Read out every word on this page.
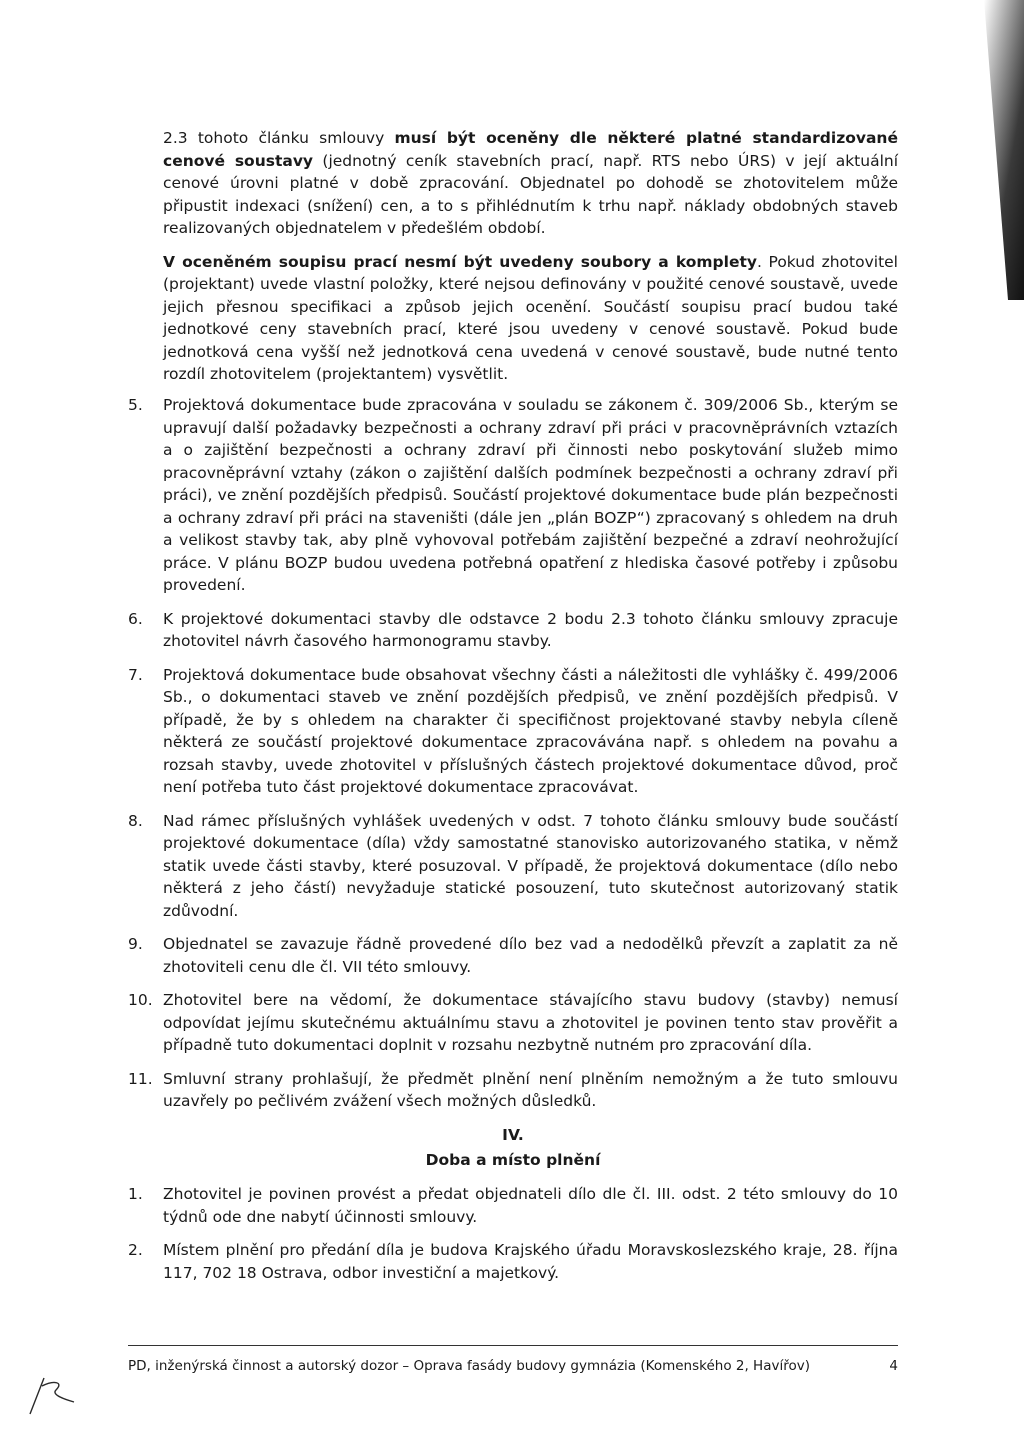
2.3 tohoto článku smlouvy musí být oceněny dle některé platné standardizované cenové soustavy (jednotný ceník stavebních prací, např. RTS nebo ÚRS) v její aktuální cenové úrovni platné v době zpracování. Objednatel po dohodě se zhotovitelem může připustit indexaci (snížení) cen, a to s přihlédnutím k trhu např. náklady obdobných staveb realizovaných objednatelem v předešlém období.

V oceněném soupisu prací nesmí být uvedeny soubory a komplety. Pokud zhotovitel (projektant) uvede vlastní položky, které nejsou definovány v použité cenové soustavě, uvede jejich přesnou specifikaci a způsob jejich ocenění. Součástí soupisu prací budou také jednotkové ceny stavebních prací, které jsou uvedeny v cenové soustavě. Pokud bude jednotková cena vyšší než jednotková cena uvedená v cenové soustavě, bude nutné tento rozdíl zhotovitelem (projektantem) vysvětlit.

5.	Projektová dokumentace bude zpracována v souladu se zákonem č. 309/2006 Sb., kterým se upravují další požadavky bezpečnosti a ochrany zdraví při práci v pracovněprávních vztazích a o zajištění bezpečnosti a ochrany zdraví při činnosti nebo poskytování služeb mimo pracovněprávní vztahy (zákon o zajištění dalších podmínek bezpečnosti a ochrany zdraví při práci), ve znění pozdějších předpisů. Součástí projektové dokumentace bude plán bezpečnosti a ochrany zdraví při práci na staveništi (dále jen „plán BOZP“) zpracovaný s ohledem na druh a velikost stavby tak, aby plně vyhovoval potřebám zajištění bezpečné a zdraví neohrožující práce. V plánu BOZP budou uvedena potřebná opatření z hlediska časové potřeby i způsobu provedení.
6.	K projektové dokumentaci stavby dle odstavce 2 bodu 2.3 tohoto článku smlouvy zpracuje zhotovitel návrh časového harmonogramu stavby.
7.	Projektová dokumentace bude obsahovat všechny části a náležitosti dle vyhlášky č. 499/2006 Sb., o dokumentaci staveb ve znění pozdějších předpisů, ve znění pozdějších předpisů. V případě, že by s ohledem na charakter či specifičnost projektované stavby nebyla cíleně některá ze součástí projektové dokumentace zpracovávána např. s ohledem na povahu a rozsah stavby, uvede zhotovitel v příslušných částech projektové dokumentace důvod, proč není potřeba tuto část projektové dokumentace zpracovávat.
8.	Nad rámec příslušných vyhlášek uvedených v odst. 7 tohoto článku smlouvy bude součástí projektové dokumentace (díla) vždy samostatné stanovisko autorizovaného statika, v němž statik uvede části stavby, které posuzoval. V případě, že projektová dokumentace (dílo nebo některá z jeho částí) nevyžaduje statické posouzení, tuto skutečnost autorizovaný statik zdůvodní.
9.	Objednatel se zavazuje řádně provedené dílo bez vad a nedodělků převzít a zaplatit za ně zhotoviteli cenu dle čl. VII této smlouvy.
10. Zhotovitel bere na vědomí, že dokumentace stávajícího stavu budovy (stavby) nemusí odpovídat jejímu skutečnému aktuálnímu stavu a zhotovitel je povinen tento stav prověřit a případně tuto dokumentaci doplnit v rozsahu nezbytně nutném pro zpracování díla.
11. Smluvní strany prohlašují, že předmět plnění není plněním nemožným a že tuto smlouvu uzavřely po pečlivém zvážení všech možných důsledků.
IV.
Doba a místo plnění
1.	Zhotovitel je povinen provést a předat objednateli dílo dle čl. III. odst. 2 této smlouvy do 10 týdnů ode dne nabytí účinnosti smlouvy.
2.	Místem plnění pro předání díla je budova Krajského úřadu Moravskoslezského kraje, 28. října 117, 702 18 Ostrava, odbor investiční a majetkový.
PD, inženýrská činnost a autorský dozor – Oprava fasády budovy gymnázia (Komenského 2, Havířov)	4
